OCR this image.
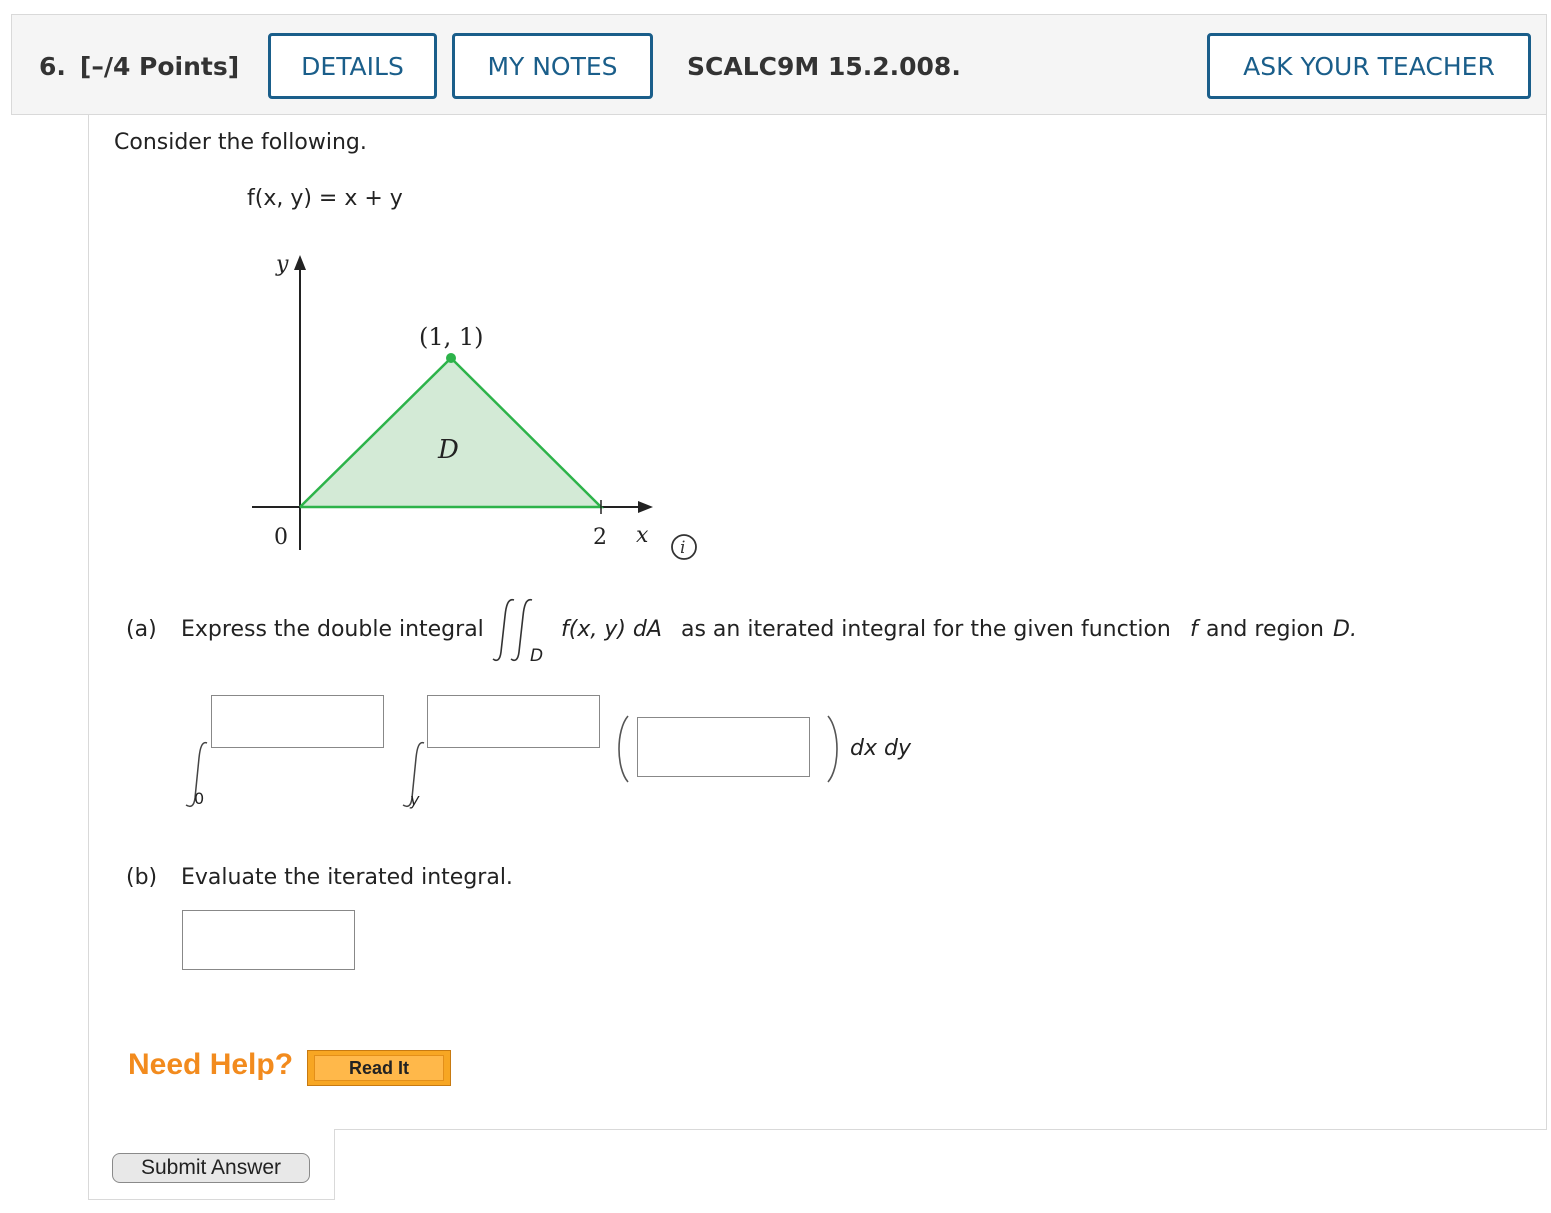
6. [–/4 Points]	DETAILS	MY NOTES	SCALC9M 15.2.008.	ASK YOUR TEACHER
Consider the following.
f(x, y) = x + y
y
x
0	2
(1, 1)
D
i
(a) Express the double integral
D
f(x, y) dA as an iterated integral for the given function f and region D.
0	y
dx dy
(b) Evaluate the iterated integral.
Need Help?	Read It
Submit Answer
